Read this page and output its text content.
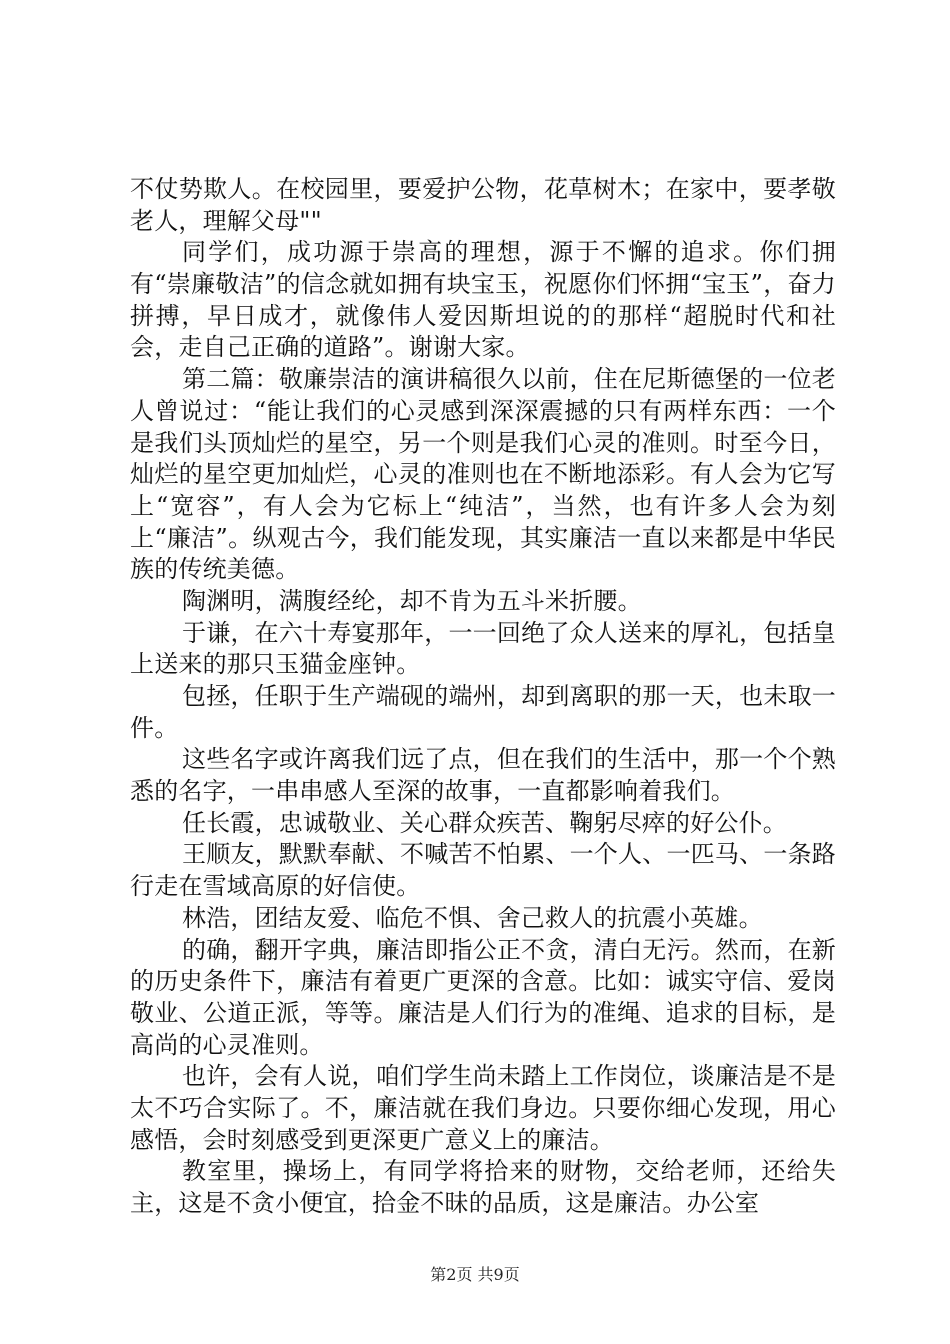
不仗势欺人。在校园里，要爱护公物，花草树木；在家中，要孝敬老人，理解父母""

同学们，成功源于崇高的理想，源于不懈的追求。你们拥有“崇廉敬洁”的信念就如拥有块宝玉，祝愿你们怀拥“宝玉”，奋力拼搏，早日成才，就像伟人爱因斯坦说的的那样“超脱时代和社会，走自己正确的道路”。谢谢大家。

第二篇：敬廉崇洁的演讲稿很久以前，住在尼斯德堡的一位老人曾说过：“能让我们的心灵感到深深震撼的只有两样东西：一个是我们头顶灿烂的星空，另一个则是我们心灵的准则。时至今日，灿烂的星空更加灿烂，心灵的准则也在不断地添彩。有人会为它写上“宽容”，有人会为它标上“纯洁”，当然，也有许多人会为刻上“廉洁”。纵观古今，我们能发现，其实廉洁一直以来都是中华民族的传统美德。

陶渊明，满腹经纶，却不肯为五斗米折腰。

于谦，在六十寿宴那年，一一回绝了众人送来的厚礼，包括皇上送来的那只玉猫金座钟。

包拯，任职于生产端砚的端州，却到离职的那一天，也未取一件。

这些名字或许离我们远了点，但在我们的生活中，那一个个熟悉的名字，一串串感人至深的故事，一直都影响着我们。

任长霞，忠诚敬业、关心群众疾苦、鞠躬尽瘁的好公仆。

王顺友，默默奉献、不喊苦不怕累、一个人、一匹马、一条路行走在雪域高原的好信使。

林浩，团结友爱、临危不惧、舍己救人的抗震小英雄。

的确，翻开字典，廉洁即指公正不贪，清白无污。然而，在新的历史条件下，廉洁有着更广更深的含意。比如：诚实守信、爱岗敬业、公道正派，等等。廉洁是人们行为的准绳、追求的目标，是高尚的心灵准则。

也许，会有人说，咱们学生尚未踏上工作岗位，谈廉洁是不是太不巧合实际了。不，廉洁就在我们身边。只要你细心发现，用心感悟，会时刻感受到更深更广意义上的廉洁。

教室里，操场上，有同学将拾来的财物，交给老师，还给失主，这是不贪小便宜，拾金不昧的品质，这是廉洁。办公室

第2页 共9页
